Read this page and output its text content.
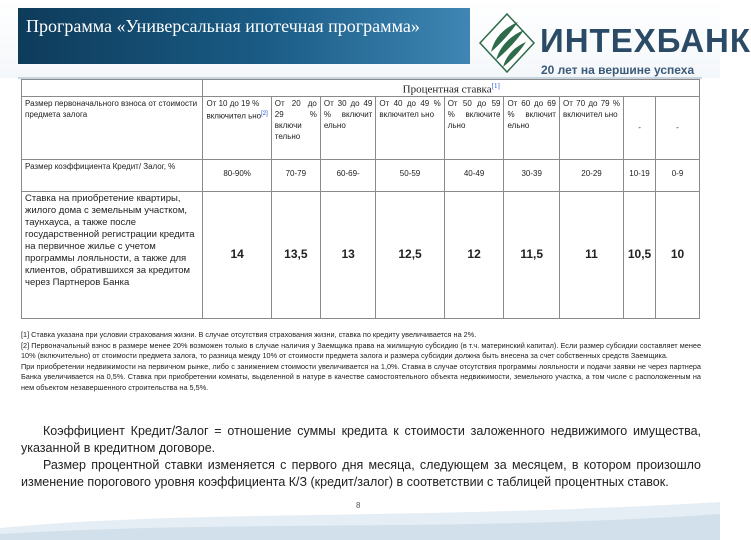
Программа «Универсальная ипотечная программа»	ИНТЕХБАНК
20 лет на вершине успеха
	Процентная ставка[1]
Размер первоначального взноса от стоимости предмета залога	От 10 до 19 % включител ьно[2]	От 20 до 29 % включи тельно	От 30 до 49 % включит ельно	От 40 до 49 % включител ьно	От 50 до 59 % включите льно	От 60 до 69 % включит ельно	От 70 до 79 % включител ьно	-	-
Размер коэффициента Кредит/ Залог, %	80-90%	70-79	60-69-	50-59	40-49	30-39	20-29	10-19	0-9
Ставка на приобретение квартиры, жилого дома с земельным участком, таунхауса, а также после государственной регистрации кредита на первичное жилье с учетом программы лояльности, а также для клиентов, обратившихся за кредитом через Партнеров Банка	14	13,5	13	12,5	12	11,5	11	10,5	10

[1] Ставка указана при условии страхования жизни. В случае отсутствия страхования жизни, ставка по кредиту увеличивается на 2%.

[2] Первоначальный взнос в размере менее 20% возможен только в случае наличия у Заемщика права на жилищную субсидию (в т.ч. материнский капитал). Если размер субсидии составляет менее 10% (включительно) от стоимости предмета залога, то разница между 10% от стоимости предмета залога и размера субсидии должна быть внесена за счет собственных средств Заемщика.

При приобретении недвижимости на первичном рынке, либо с занижением стоимости увеличивается на 1,0%. Ставка в случае отсутствия программы лояльности и подачи заявки не через партнера Банка увеличивается на 0,5%. Ставка при приобретении комнаты, выделенной в натуре в качестве самостоятельного объекта недвижимости, земельного участка, а том числе с расположенным на нем объектом незавершенного строительства на 5,5%.

Коэффициент Кредит/Залог = отношение суммы кредита к стоимости заложенного недвижимого имущества, указанной в кредитном договоре.

Размер процентной ставки изменяется с первого дня месяца, следующем за месяцем, в котором произошло изменение порогового уровня коэффициента К/З (кредит/залог) в соответствии с таблицей процентных ставок.

8
